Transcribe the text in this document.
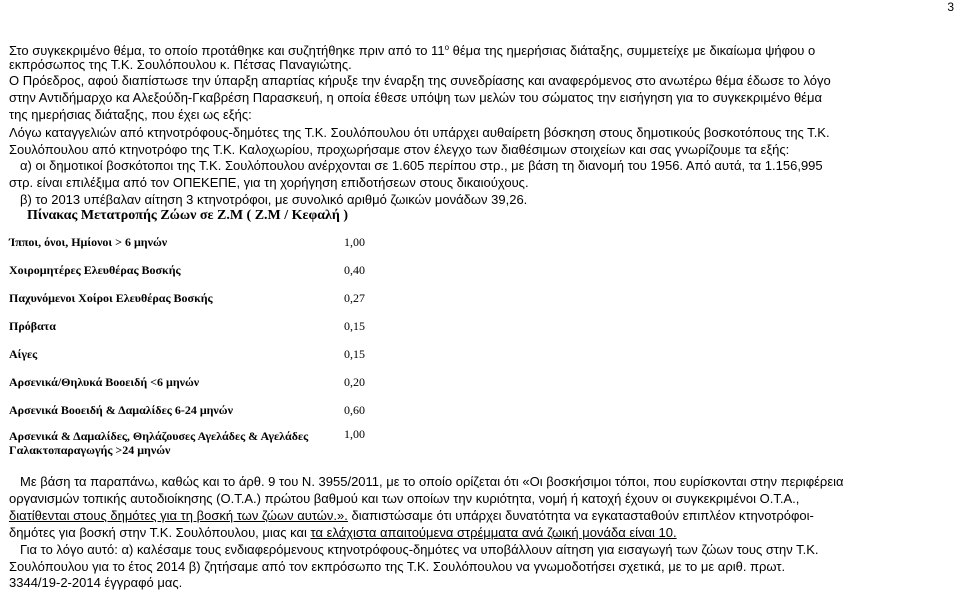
3
Στο συγκεκριμένο θέμα, το οποίο προτάθηκε και συζητήθηκε πριν από το $11^o$ θέμα της ημερήσιας διάταξης, συμμετείχε με δικαίωμα ψήφου ο
εκπρόσωπος της Τ.Κ. Σουλόπουλου κ. Πέτσας Παναγιώτης.
Ο Πρόεδρος, αφού διαπίστωσε την ύπαρξη απαρτίας κήρυξε την έναρξη της συνεδρίασης και αναφερόμενος στο ανωτέρω θέμα έδωσε το λόγο
στην Αντιδήμαρχο κα Αλεξούδη-Γκαβρέση Παρασκευή, η οποία έθεσε υπόψη των μελών του σώματος την εισήγηση για το συγκεκριμένο θέμα
της ημερήσιας διάταξης, που έχει ως εξής:
Λόγω καταγγελιών από κτηνοτρόφους-δημότες της Τ.Κ. Σουλόπουλου ότι υπάρχει αυθαίρετη βόσκηση στους δημοτικούς βοσκοτόπους της Τ.Κ.
Σουλόπουλου από κτηνοτρόφο της Τ.Κ. Καλοχωρίου, προχωρήσαμε στον έλεγχο των διαθέσιμων στοιχείων και σας γνωρίζουμε τα εξής:
α) οι δημοτικοί βοσκότοποι της Τ.Κ. Σουλόπουλου ανέρχονται σε 1.605 περίπου στρ., με βάση τη διανομή του 1956. Από αυτά, τα 1.156,995
στρ. είναι επιλέξιμα από τον ΟΠΕΚΕΠΕ, για τη χορήγηση επιδοτήσεων στους δικαιούχους.
β) το 2013 υπέβαλαν αίτηση 3 κτηνοτρόφοι, με συνολικό αριθμό ζωικών μονάδων 39,26.
Πίνακας Μετατροπής Ζώων σε Ζ.Μ ( Ζ.Μ / Κεφαλή )
Ίπποι, όνοι, Ημίονοι > 6 μηνών	1,00
Χοιρομητέρες Ελευθέρας Βοσκής	0,40
Παχυνόμενοι Χοίροι Ελευθέρας Βοσκής	0,27
Πρόβατα	0,15
Αίγες	0,15
Αρσενικά/Θηλυκά Βοοειδή <6 μηνών	0,20
Αρσενικά Βοοειδή & Δαμαλίδες 6-24 μηνών	0,60
Αρσενικά & Δαμαλίδες, Θηλάζουσες Αγελάδες & Αγελάδες Γαλακτοπαραγωγής >24 μηνών	1,00
Με βάση τα παραπάνω, καθώς και το άρθ. 9 του Ν. 3955/2011, με το οποίο ορίζεται ότι «Οι βοσκήσιμοι τόποι, που ευρίσκονται στην περιφέρεια
οργανισμών τοπικής αυτοδιοίκησης (Ο.Τ.Α.) πρώτου βαθμού και των οποίων την κυριότητα, νομή ή κατοχή έχουν οι συγκεκριμένοι Ο.Τ.Α.,
διατίθενται στους δημότες για τη βοσκή των ζώων αυτών.». διαπιστώσαμε ότι υπάρχει δυνατότητα να εγκατασταθούν επιπλέον κτηνοτρόφοι-
δημότες για βοσκή στην Τ.Κ. Σουλόπουλου, μιας και τα ελάχιστα απαιτούμενα στρέμματα ανά ζωική μονάδα είναι 10.
Για το λόγο αυτό: α) καλέσαμε τους ενδιαφερόμενους κτηνοτρόφους-δημότες να υποβάλλουν αίτηση για εισαγωγή των ζώων τους στην Τ.Κ.
Σουλόπουλου για το έτος 2014 β) ζητήσαμε από τον εκπρόσωπο της Τ.Κ. Σουλόπουλου να γνωμοδοτήσει σχετικά, με το με αριθ. πρωτ.
3344/19-2-2014 έγγραφό μας.
